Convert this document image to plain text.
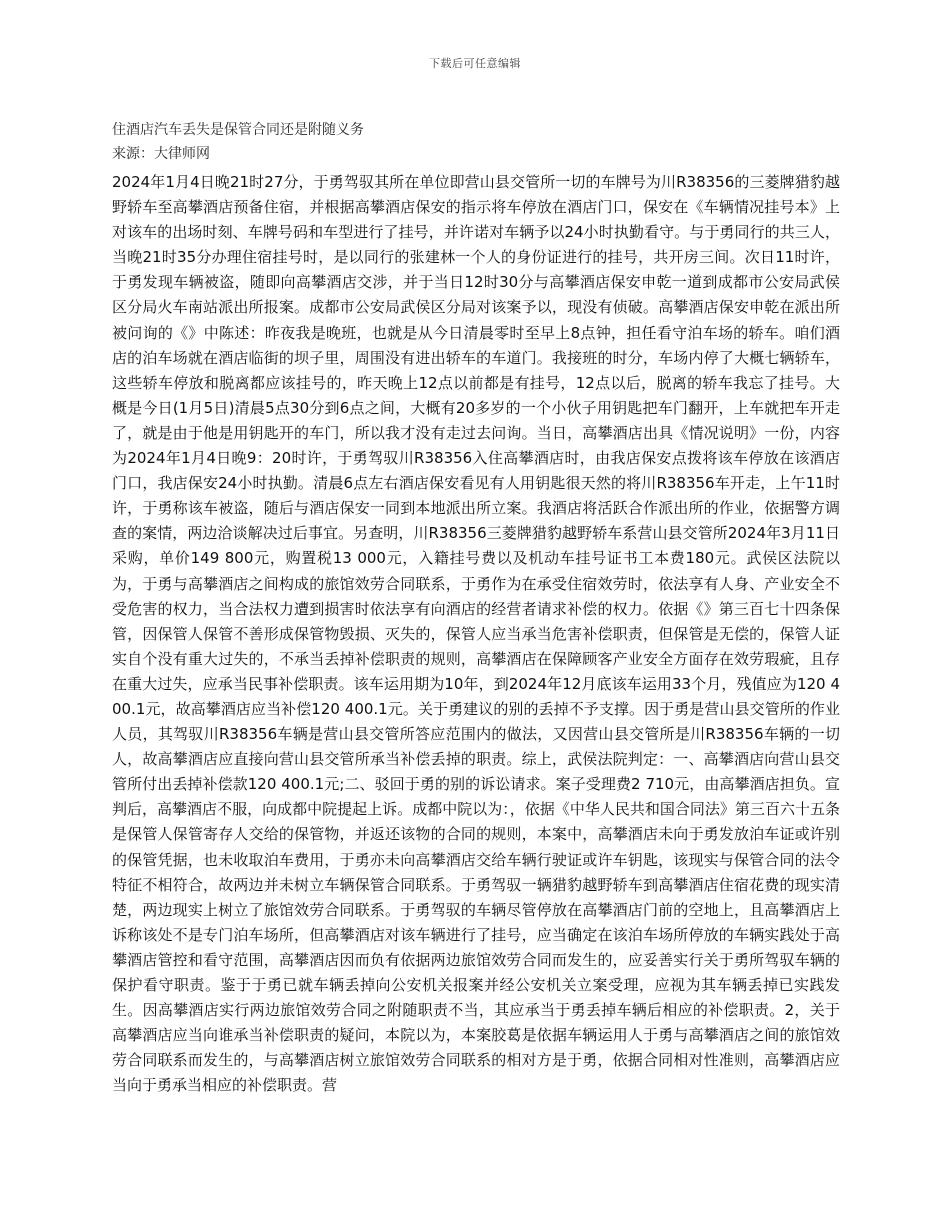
下载后可任意编辑
住酒店汽车丢失是保管合同还是附随义务
来源：大律师网
2024年1月4日晚21时27分，于勇驾驭其所在单位即营山县交管所一切的车牌号为川R38356的三菱牌猎豹越野轿车至高攀酒店预备住宿，并根据高攀酒店保安的指示将车停放在酒店门口，保安在《车辆情况挂号本》上对该车的出场时刻、车牌号码和车型进行了挂号，并许诺对车辆予以24小时执勤看守。与于勇同行的共三人，当晚21时35分办理住宿挂号时，是以同行的张建林一个人的身份证进行的挂号，共开房三间。次日11时许，于勇发现车辆被盗，随即向高攀酒店交涉，并于当日12时30分与高攀酒店保安申乾一道到成都市公安局武侯区分局火车南站派出所报案。成都市公安局武侯区分局对该案予以，现没有侦破。高攀酒店保安申乾在派出所被问询的《》中陈述：昨夜我是晚班，也就是从今日清晨零时至早上8点钟，担任看守泊车场的轿车。咱们酒店的泊车场就在酒店临街的坝子里，周围没有进出轿车的车道门。我接班的时分，车场内停了大概七辆轿车，这些轿车停放和脱离都应该挂号的，昨天晚上12点以前都是有挂号，12点以后，脱离的轿车我忘了挂号。大概是今日(1月5日)清晨5点30分到6点之间，大概有20多岁的一个小伙子用钥匙把车门翻开，上车就把车开走了，就是由于他是用钥匙开的车门，所以我才没有走过去问询。当日，高攀酒店出具《情况说明》一份，内容为2024年1月4日晚9：20时许，于勇驾驭川R38356入住高攀酒店时，由我店保安点拨将该车停放在该酒店门口，我店保安24小时执勤。清晨6点左右酒店保安看见有人用钥匙很天然的将川R38356车开走，上午11时许，于勇称该车被盗，随后与酒店保安一同到本地派出所立案。我酒店将活跃合作派出所的作业，依据警方调查的案情，两边洽谈解决过后事宜。另查明，川R38356三菱牌猎豹越野轿车系营山县交管所2024年3月11日采购，单价149 800元，购置税13 000元，入籍挂号费以及机动车挂号证书工本费180元。武侯区法院以为，于勇与高攀酒店之间构成的旅馆效劳合同联系，于勇作为在承受住宿效劳时，依法享有人身、产业安全不受危害的权力，当合法权力遭到损害时依法享有向酒店的经营者请求补偿的权力。依据《》第三百七十四条保管，因保管人保管不善形成保管物毁损、灭失的，保管人应当承当危害补偿职责，但保管是无偿的，保管人证实自个没有重大过失的，不承当丢掉补偿职责的规则，高攀酒店在保障顾客产业安全方面存在效劳瑕疵，且存在重大过失，应承当民事补偿职责。该车运用期为10年，到2024年12月底该车运用33个月，残值应为120 400.1元，故高攀酒店应当补偿120 400.1元。关于勇建议的别的丢掉不予支撑。因于勇是营山县交管所的作业人员，其驾驭川R38356车辆是营山县交管所答应范围内的做法，又因营山县交管所是川R38356车辆的一切人，故高攀酒店应直接向营山县交管所承当补偿丢掉的职责。综上，武侯法院判定：一、高攀酒店向营山县交管所付出丢掉补偿款120 400.1元;二、驳回于勇的别的诉讼请求。案子受理费2 710元，由高攀酒店担负。宣判后，高攀酒店不服，向成都中院提起上诉。成都中院以为：，依据《中华人民共和国合同法》第三百六十五条是保管人保管寄存人交给的保管物，并返还该物的合同的规则，本案中，高攀酒店未向于勇发放泊车证或许别的保管凭据，也未收取泊车费用，于勇亦未向高攀酒店交给车辆行驶证或许车钥匙，该现实与保管合同的法令特征不相符合，故两边并未树立车辆保管合同联系。于勇驾驭一辆猎豹越野轿车到高攀酒店住宿花费的现实清楚，两边现实上树立了旅馆效劳合同联系。于勇驾驭的车辆尽管停放在高攀酒店门前的空地上，且高攀酒店上诉称该处不是专门泊车场所，但高攀酒店对该车辆进行了挂号，应当确定在该泊车场所停放的车辆实践处于高攀酒店管控和看守范围，高攀酒店因而负有依据两边旅馆效劳合同而发生的，应妥善实行关于勇所驾驭车辆的保护看守职责。鉴于于勇已就车辆丢掉向公安机关报案并经公安机关立案受理，应视为其车辆丢掉已实践发生。因高攀酒店实行两边旅馆效劳合同之附随职责不当，其应承当于勇丢掉车辆后相应的补偿职责。2，关于高攀酒店应当向谁承当补偿职责的疑问，本院以为，本案胶葛是依据车辆运用人于勇与高攀酒店之间的旅馆效劳合同联系而发生的，与高攀酒店树立旅馆效劳合同联系的相对方是于勇，依据合同相对性准则，高攀酒店应当向于勇承当相应的补偿职责。营
